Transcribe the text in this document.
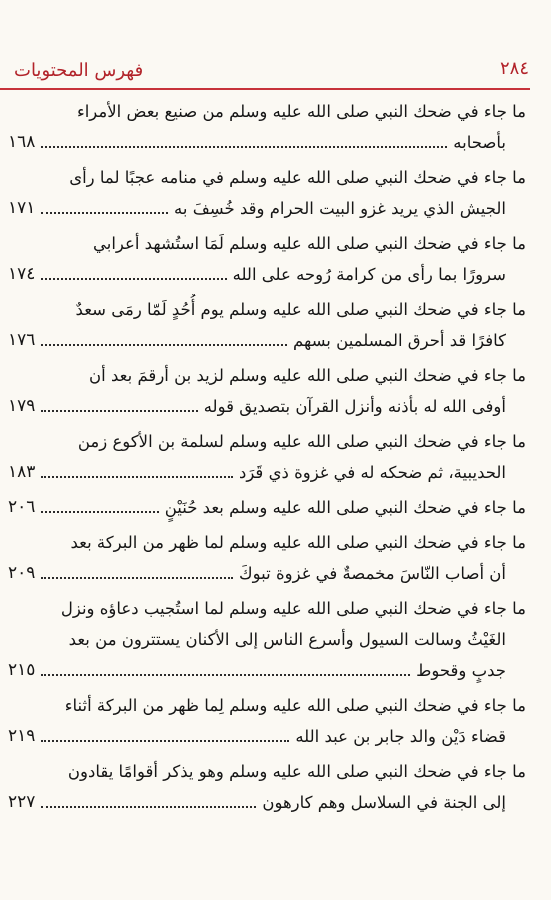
فهرس المحتويات	٢٨٤
ما جاء في ضحك النبي صلى الله عليه وسلم من صنيع بعض الأمراء
بأصحابه
١٦٨
ما جاء في ضحك النبي صلى الله عليه وسلم في منامه عجبًا لما رأى
الجيش الذي يريد غزو البيت الحرام وقد خُسِفَ به
١٧١
ما جاء في ضحك النبي صلى الله عليه وسلم لَمَا استُشهد أعرابي
سرورًا بما رأى من كرامة رُوحه على الله
١٧٤
ما جاء في ضحك النبي صلى الله عليه وسلم يوم أُحُدٍ لَمّا رمَى سعدٌ
كافرًا قد أحرق المسلمين بسهم
١٧٦
ما جاء في ضحك النبي صلى الله عليه وسلم لزيد بن أرقمَ بعد أن
أوفى الله له بأذنه وأنزل القرآن بتصديق قوله
١٧٩
ما جاء في ضحك النبي صلى الله عليه وسلم لسلمة بن الأكوع زمن
الحديبية، ثم ضحكه له في غزوة ذي قَرَد
١٨٣
ما جاء في ضحك النبي صلى الله عليه وسلم بعد حُنَيْنٍ
٢٠٦
ما جاء في ضحك النبي صلى الله عليه وسلم لما ظهر من البركة بعد
أن أصاب النّاسَ مخمصةٌ في غزوة تبوكَ
٢٠٩
ما جاء في ضحك النبي صلى الله عليه وسلم لما استُجيب دعاؤه ونزل
الغَيْثُ وسالت السيول وأسرع الناس إلى الأكنان يستترون من بعد
جدبٍ وقحوط
٢١٥
ما جاء في ضحك النبي صلى الله عليه وسلم لِما ظهر من البركة أثناء
قضاء دَيْن والد جابر بن عبد الله
٢١٩
ما جاء في ضحك النبي صلى الله عليه وسلم وهو يذكر أقوامًا يقادون
إلى الجنة في السلاسل وهم كارهون
٢٢٧
